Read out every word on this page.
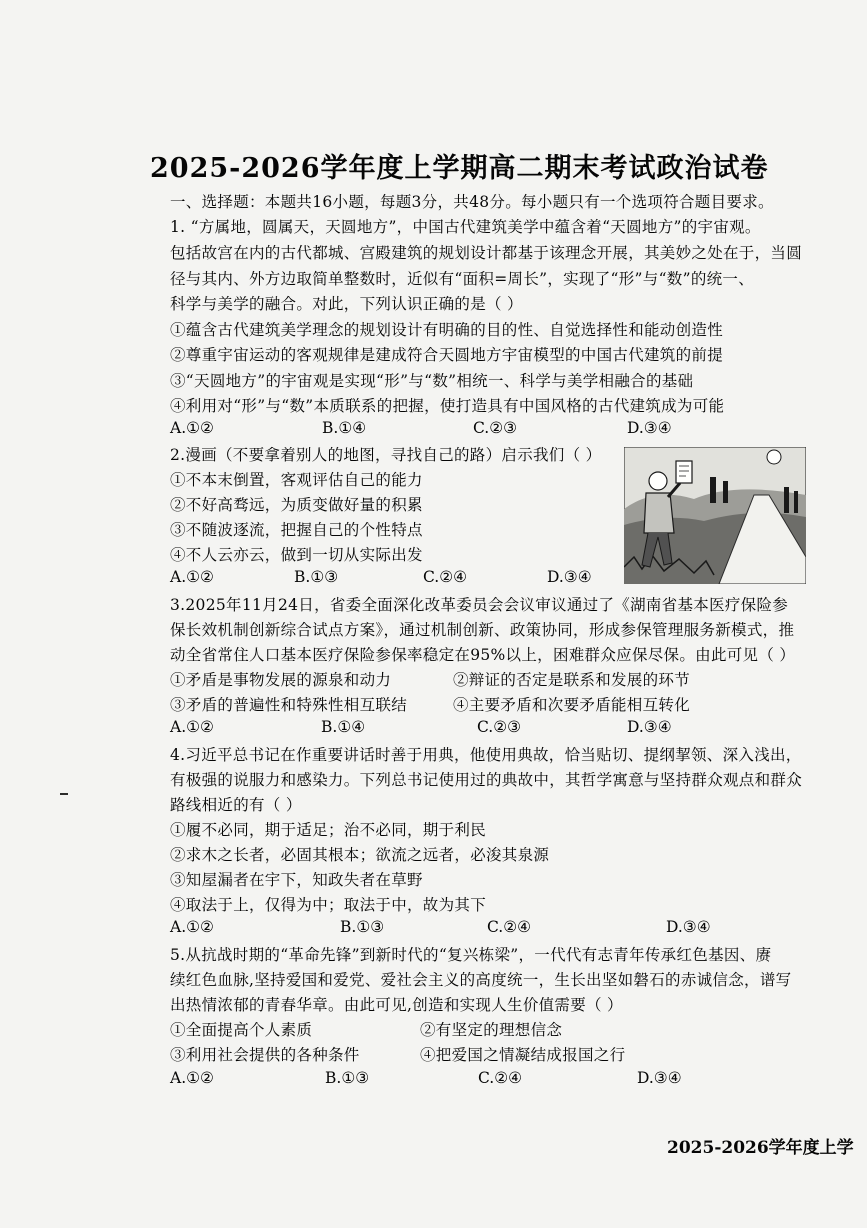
2025-2026学年度上学期高二期末考试政治试卷
一、选择题：本题共16小题，每题3分，共48分。每小题只有一个选项符合题目要求。
1. “方属地，圆属天，天圆地方”，中国古代建筑美学中蕴含着“天圆地方”的宇宙观。
包括故宫在内的古代都城、宫殿建筑的规划设计都基于该理念开展，其美妙之处在于，当圆
径与其内、外方边取简单整数时，近似有“面积=周长”，实现了“形”与“数”的统一、
科学与美学的融合。对此，下列认识正确的是（ ）
①蕴含古代建筑美学理念的规划设计有明确的目的性、自觉选择性和能动创造性
②尊重宇宙运动的客观规律是建成符合天圆地方宇宙模型的中国古代建筑的前提
③“天圆地方”的宇宙观是实现“形”与“数”相统一、科学与美学相融合的基础
④利用对“形”与“数”本质联系的把握，使打造具有中国风格的古代建筑成为可能
A.①②	B.①④	C.②③	D.③④
2.漫画（不要拿着别人的地图，寻找自己的路）启示我们（ ）
①不本末倒置，客观评估自己的能力
②不好高骛远，为质变做好量的积累
③不随波逐流，把握自己的个性特点
④不人云亦云，做到一切从实际出发
A.①②	B.①③	C.②④	D.③④
3.2025年11月24日，省委全面深化改革委员会会议审议通过了《湖南省基本医疗保险参
保长效机制创新综合试点方案》，通过机制创新、政策协同，形成参保管理服务新模式，推
动全省常住人口基本医疗保险参保率稳定在95%以上，困难群众应保尽保。由此可见（ ）
①矛盾是事物发展的源泉和动力	②辩证的否定是联系和发展的环节
③矛盾的普遍性和特殊性相互联结	④主要矛盾和次要矛盾能相互转化
A.①②	B.①④	C.②③	D.③④
4.习近平总书记在作重要讲话时善于用典，他使用典故，恰当贴切、提纲挈领、深入浅出，
有极强的说服力和感染力。下列总书记使用过的典故中，其哲学寓意与坚持群众观点和群众
路线相近的有（ ）
①履不必同，期于适足；治不必同，期于利民
②求木之长者，必固其根本；欲流之远者，必浚其泉源
③知屋漏者在宇下，知政失者在草野
④取法于上，仅得为中；取法于中，故为其下
A.①②	B.①③	C.②④	D.③④
5.从抗战时期的“革命先锋”到新时代的“复兴栋梁”，一代代有志青年传承红色基因、赓
续红色血脉,坚持爱国和爱党、爱社会主义的高度统一，生长出坚如磐石的赤诚信念，谱写
出热情浓郁的青春华章。由此可见,创造和实现人生价值需要（ ）
①全面提高个人素质	②有坚定的理想信念
③利用社会提供的各种条件	④把爱国之情凝结成报国之行
A.①②	B.①③	C.②④	D.③④
2025-2026学年度上学
